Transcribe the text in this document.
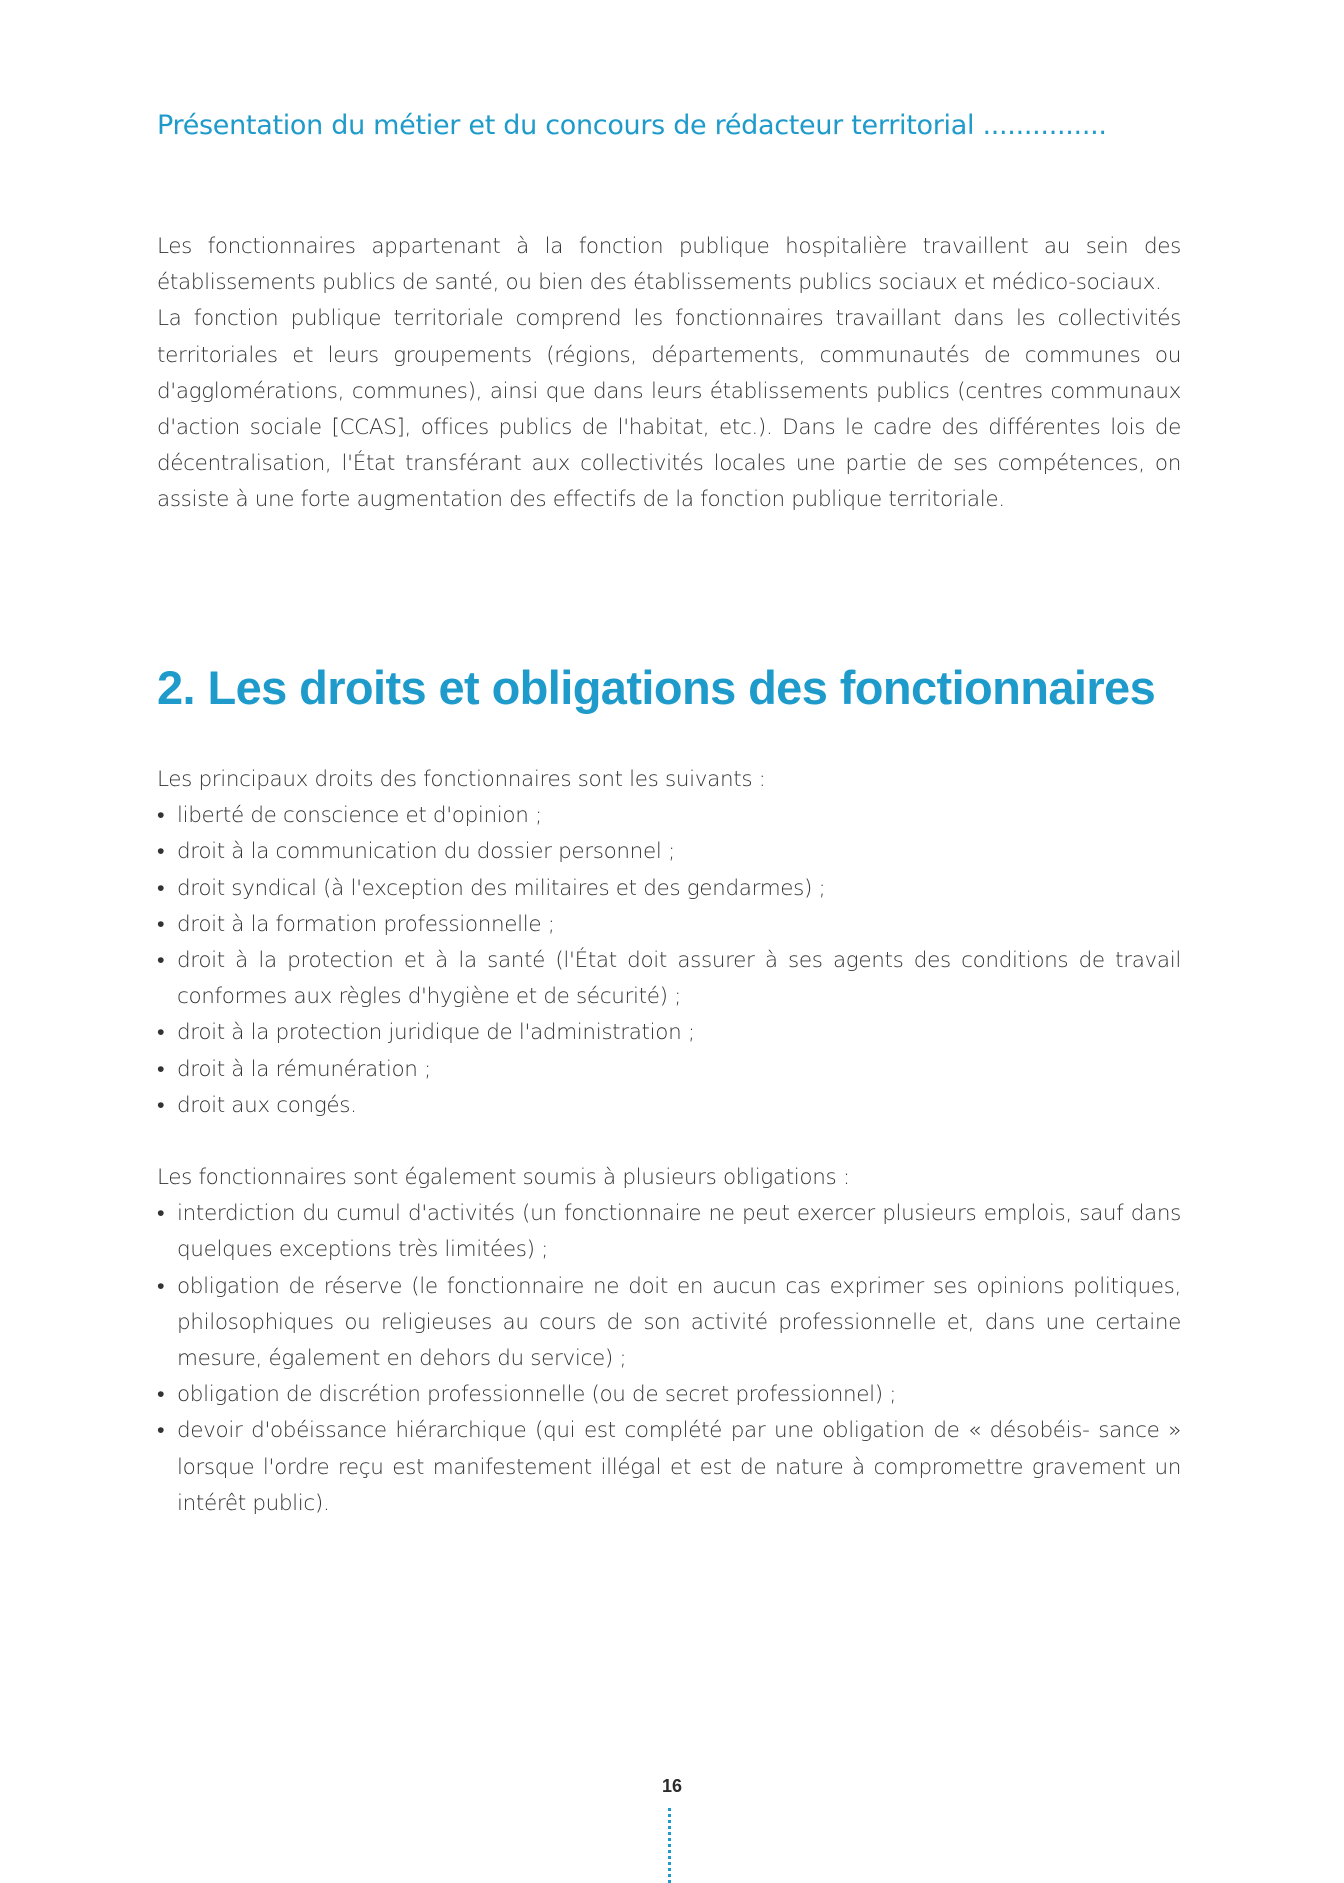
Présentation du métier et du concours de rédacteur territorial ...............

Les fonctionnaires appartenant à la fonction publique hospitalière travaillent au sein des établissements publics de santé, ou bien des établissements publics sociaux et médico-sociaux.

La fonction publique territoriale comprend les fonctionnaires travaillant dans les collectivités territoriales et leurs groupements (régions, départements, communautés de communes ou d'agglomérations, communes), ainsi que dans leurs établissements publics (centres communaux d'action sociale [CCAS], offices publics de l'habitat, etc.). Dans le cadre des différentes lois de décentralisation, l'État transférant aux collectivités locales une partie de ses compétences, on assiste à une forte augmentation des effectifs de la fonction publique territoriale.

2. Les droits et obligations des fonctionnaires

Les principaux droits des fonctionnaires sont les suivants :

• liberté de conscience et d'opinion ;
• droit à la communication du dossier personnel ;
• droit syndical (à l'exception des militaires et des gendarmes) ;
• droit à la formation professionnelle ;
• droit à la protection et à la santé (l'État doit assurer à ses agents des conditions de travail conformes aux règles d'hygiène et de sécurité) ;
• droit à la protection juridique de l'administration ;
• droit à la rémunération ;
• droit aux congés.

Les fonctionnaires sont également soumis à plusieurs obligations :

• interdiction du cumul d'activités (un fonctionnaire ne peut exercer plusieurs emplois, sauf dans quelques exceptions très limitées) ;
• obligation de réserve (le fonctionnaire ne doit en aucun cas exprimer ses opinions politiques, philosophiques ou religieuses au cours de son activité professionnelle et, dans une certaine mesure, également en dehors du service) ;
• obligation de discrétion professionnelle (ou de secret professionnel) ;
• devoir d'obéissance hiérarchique (qui est complété par une obligation de « désobéis- sance » lorsque l'ordre reçu est manifestement illégal et est de nature à compromettre gravement un intérêt public).
16
